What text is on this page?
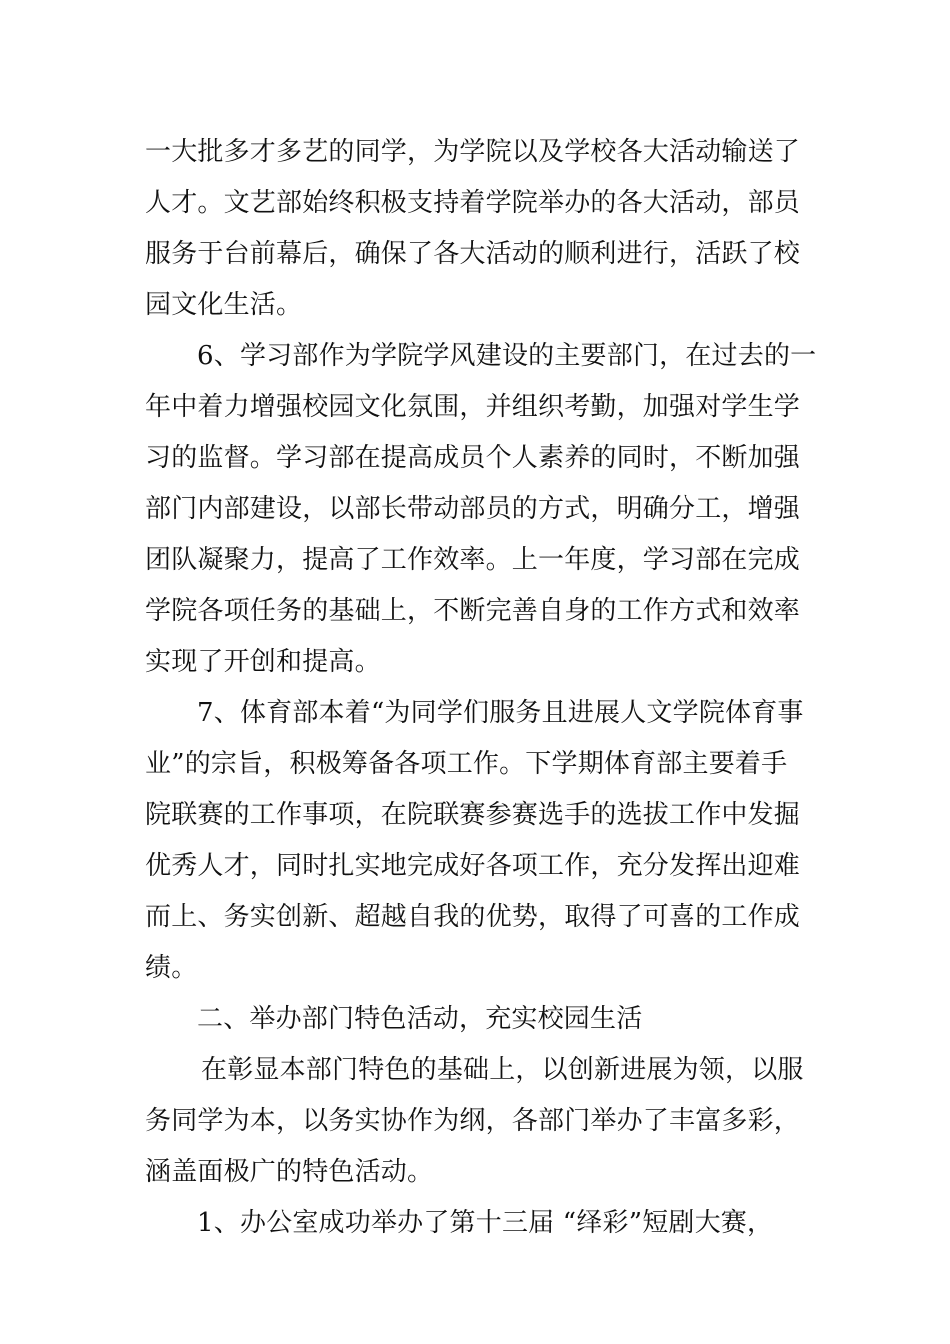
一大批多才多艺的同学，为学院以及学校各大活动输送了
人才。文艺部始终积极支持着学院举办的各大活动，部员
服务于台前幕后，确保了各大活动的顺利进行，活跃了校
园文化生活。
6、学习部作为学院学风建设的主要部门，在过去的一
年中着力增强校园文化氛围，并组织考勤，加强对学生学
习的监督。学习部在提高成员个人素养的同时，不断加强
部门内部建设，以部长带动部员的方式，明确分工，增强
团队凝聚力，提高了工作效率。上一年度，学习部在完成
学院各项任务的基础上，不断完善自身的工作方式和效率
实现了开创和提高。
7、体育部本着“为同学们服务且进展人文学院体育事
业”的宗旨，积极筹备各项工作。下学期体育部主要着手
院联赛的工作事项，在院联赛参赛选手的选拔工作中发掘
优秀人才，同时扎实地完成好各项工作，充分发挥出迎难
而上、务实创新、超越自我的优势，取得了可喜的工作成
绩。
二、举办部门特色活动，充实校园生活
在彰显本部门特色的基础上，以创新进展为领，以服
务同学为本，以务实协作为纲，各部门举办了丰富多彩，
涵盖面极广的特色活动。
1、办公室成功举办了第十三届 “绎彩”短剧大赛，
